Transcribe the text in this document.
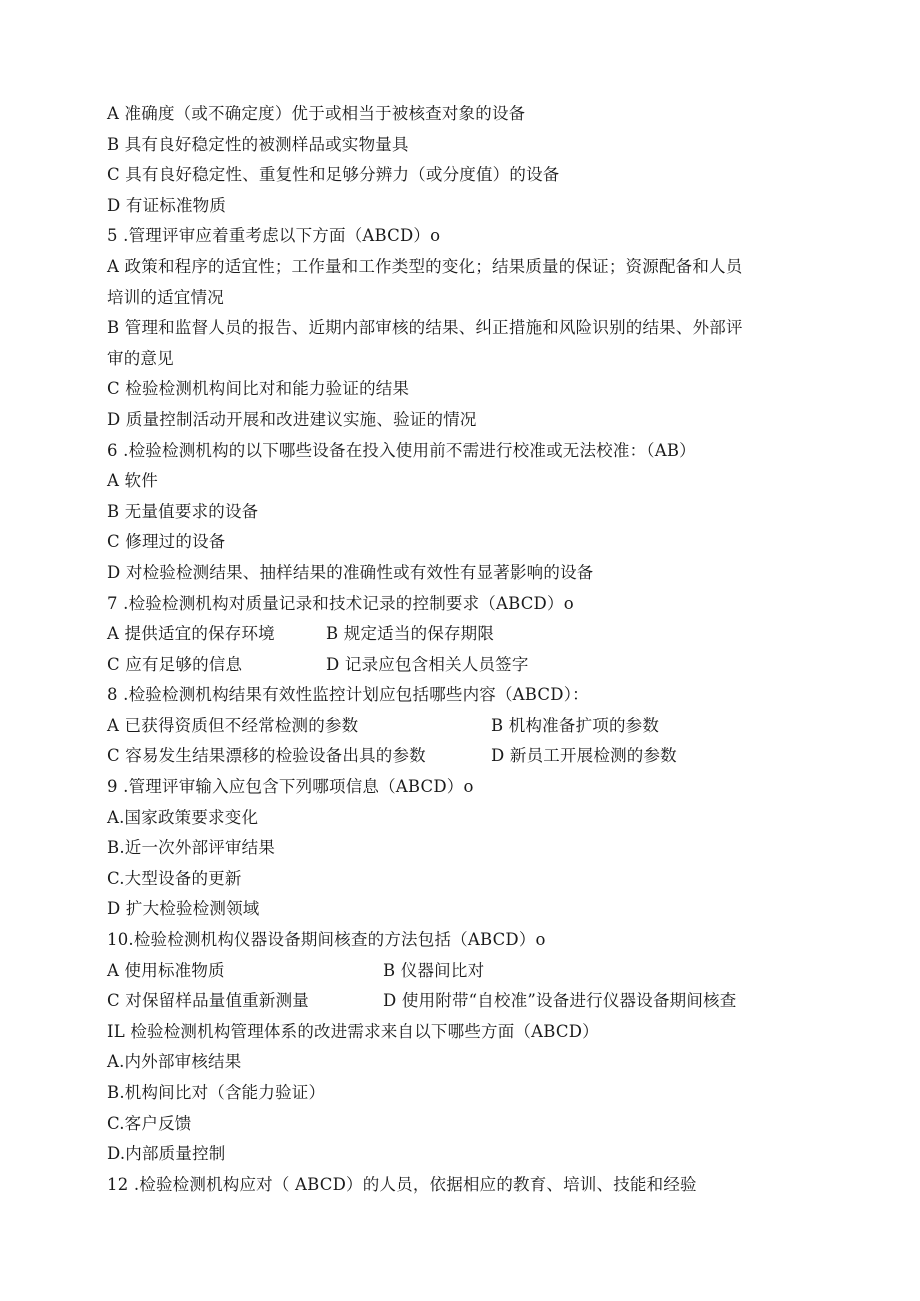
A 准确度（或不确定度）优于或相当于被核查对象的设备
B 具有良好稳定性的被测样品或实物量具
C 具有良好稳定性、重复性和足够分辨力（或分度值）的设备
D 有证标准物质
5 .管理评审应着重考虑以下方面（ABCD）o
A 政策和程序的适宜性；工作量和工作类型的变化；结果质量的保证；资源配备和人员
培训的适宜情况
B 管理和监督人员的报告、近期内部审核的结果、纠正措施和风险识别的结果、外部评
审的意见
C 检验检测机构间比对和能力验证的结果
D 质量控制活动开展和改进建议实施、验证的情况
6 .检验检测机构的以下哪些设备在投入使用前不需进行校准或无法校准：（AB）
A 软件
B 无量值要求的设备
C 修理过的设备
D 对检验检测结果、抽样结果的准确性或有效性有显著影响的设备
7 .检验检测机构对质量记录和技术记录的控制要求（ABCD）o
A 提供适宜的保存环境	B 规定适当的保存期限
C 应有足够的信息	D 记录应包含相关人员签字
8 .检验检测机构结果有效性监控计划应包括哪些内容（ABCD）：
A 已获得资质但不经常检测的参数	B 机构准备扩项的参数
C 容易发生结果漂移的检验设备出具的参数	D 新员工开展检测的参数
9 .管理评审输入应包含下列哪项信息（ABCD）o
A.国家政策要求变化
B.近一次外部评审结果
C.大型设备的更新
D 扩大检验检测领域
10.检验检测机构仪器设备期间核查的方法包括（ABCD）o
A 使用标准物质	B 仪器间比对
C 对保留样品量值重新测量	D 使用附带“自校准”设备进行仪器设备期间核查
IL 检验检测机构管理体系的改进需求来自以下哪些方面（ABCD）
A.内外部审核结果
B.机构间比对（含能力验证）
C.客户反馈
D.内部质量控制
12 .检验检测机构应对（ ABCD）的人员，依据相应的教育、培训、技能和经验
